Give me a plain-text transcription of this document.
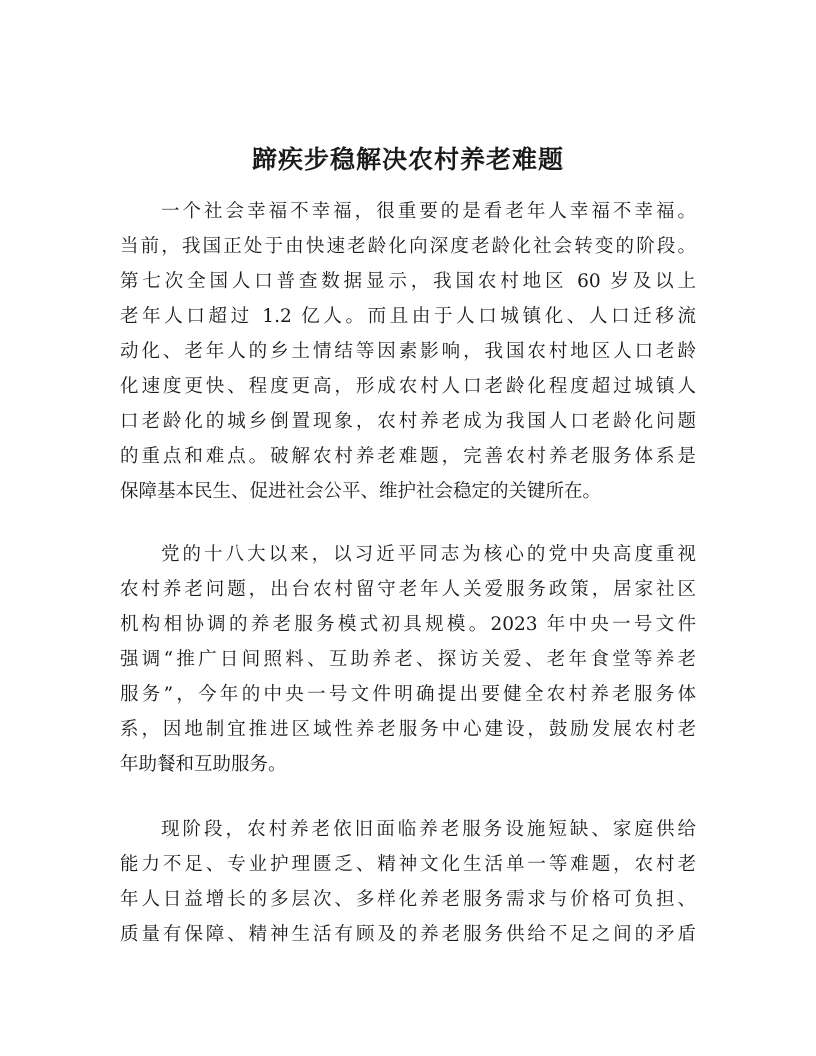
蹄疾步稳解决农村养老难题
一个社会幸福不幸福，很重要的是看老年人幸福不幸福。
当前，我国正处于由快速老龄化向深度老龄化社会转变的阶段。
第七次全国人口普查数据显示，我国农村地区 60 岁及以上
老年人口超过 1.2 亿人。而且由于人口城镇化、人口迁移流
动化、老年人的乡土情结等因素影响，我国农村地区人口老龄
化速度更快、程度更高，形成农村人口老龄化程度超过城镇人
口老龄化的城乡倒置现象，农村养老成为我国人口老龄化问题
的重点和难点。破解农村养老难题，完善农村养老服务体系是
保障基本民生、促进社会公平、维护社会稳定的关键所在。
党的十八大以来，以习近平同志为核心的党中央高度重视
农村养老问题，出台农村留守老年人关爱服务政策，居家社区
机构相协调的养老服务模式初具规模。2023 年中央一号文件
强调“推广日间照料、互助养老、探访关爱、老年食堂等养老
服务”，今年的中央一号文件明确提出要健全农村养老服务体
系，因地制宜推进区域性养老服务中心建设，鼓励发展农村老
年助餐和互助服务。
现阶段，农村养老依旧面临养老服务设施短缺、家庭供给
能力不足、专业护理匮乏、精神文化生活单一等难题，农村老
年人日益增长的多层次、多样化养老服务需求与价格可负担、
质量有保障、精神生活有顾及的养老服务供给不足之间的矛盾
